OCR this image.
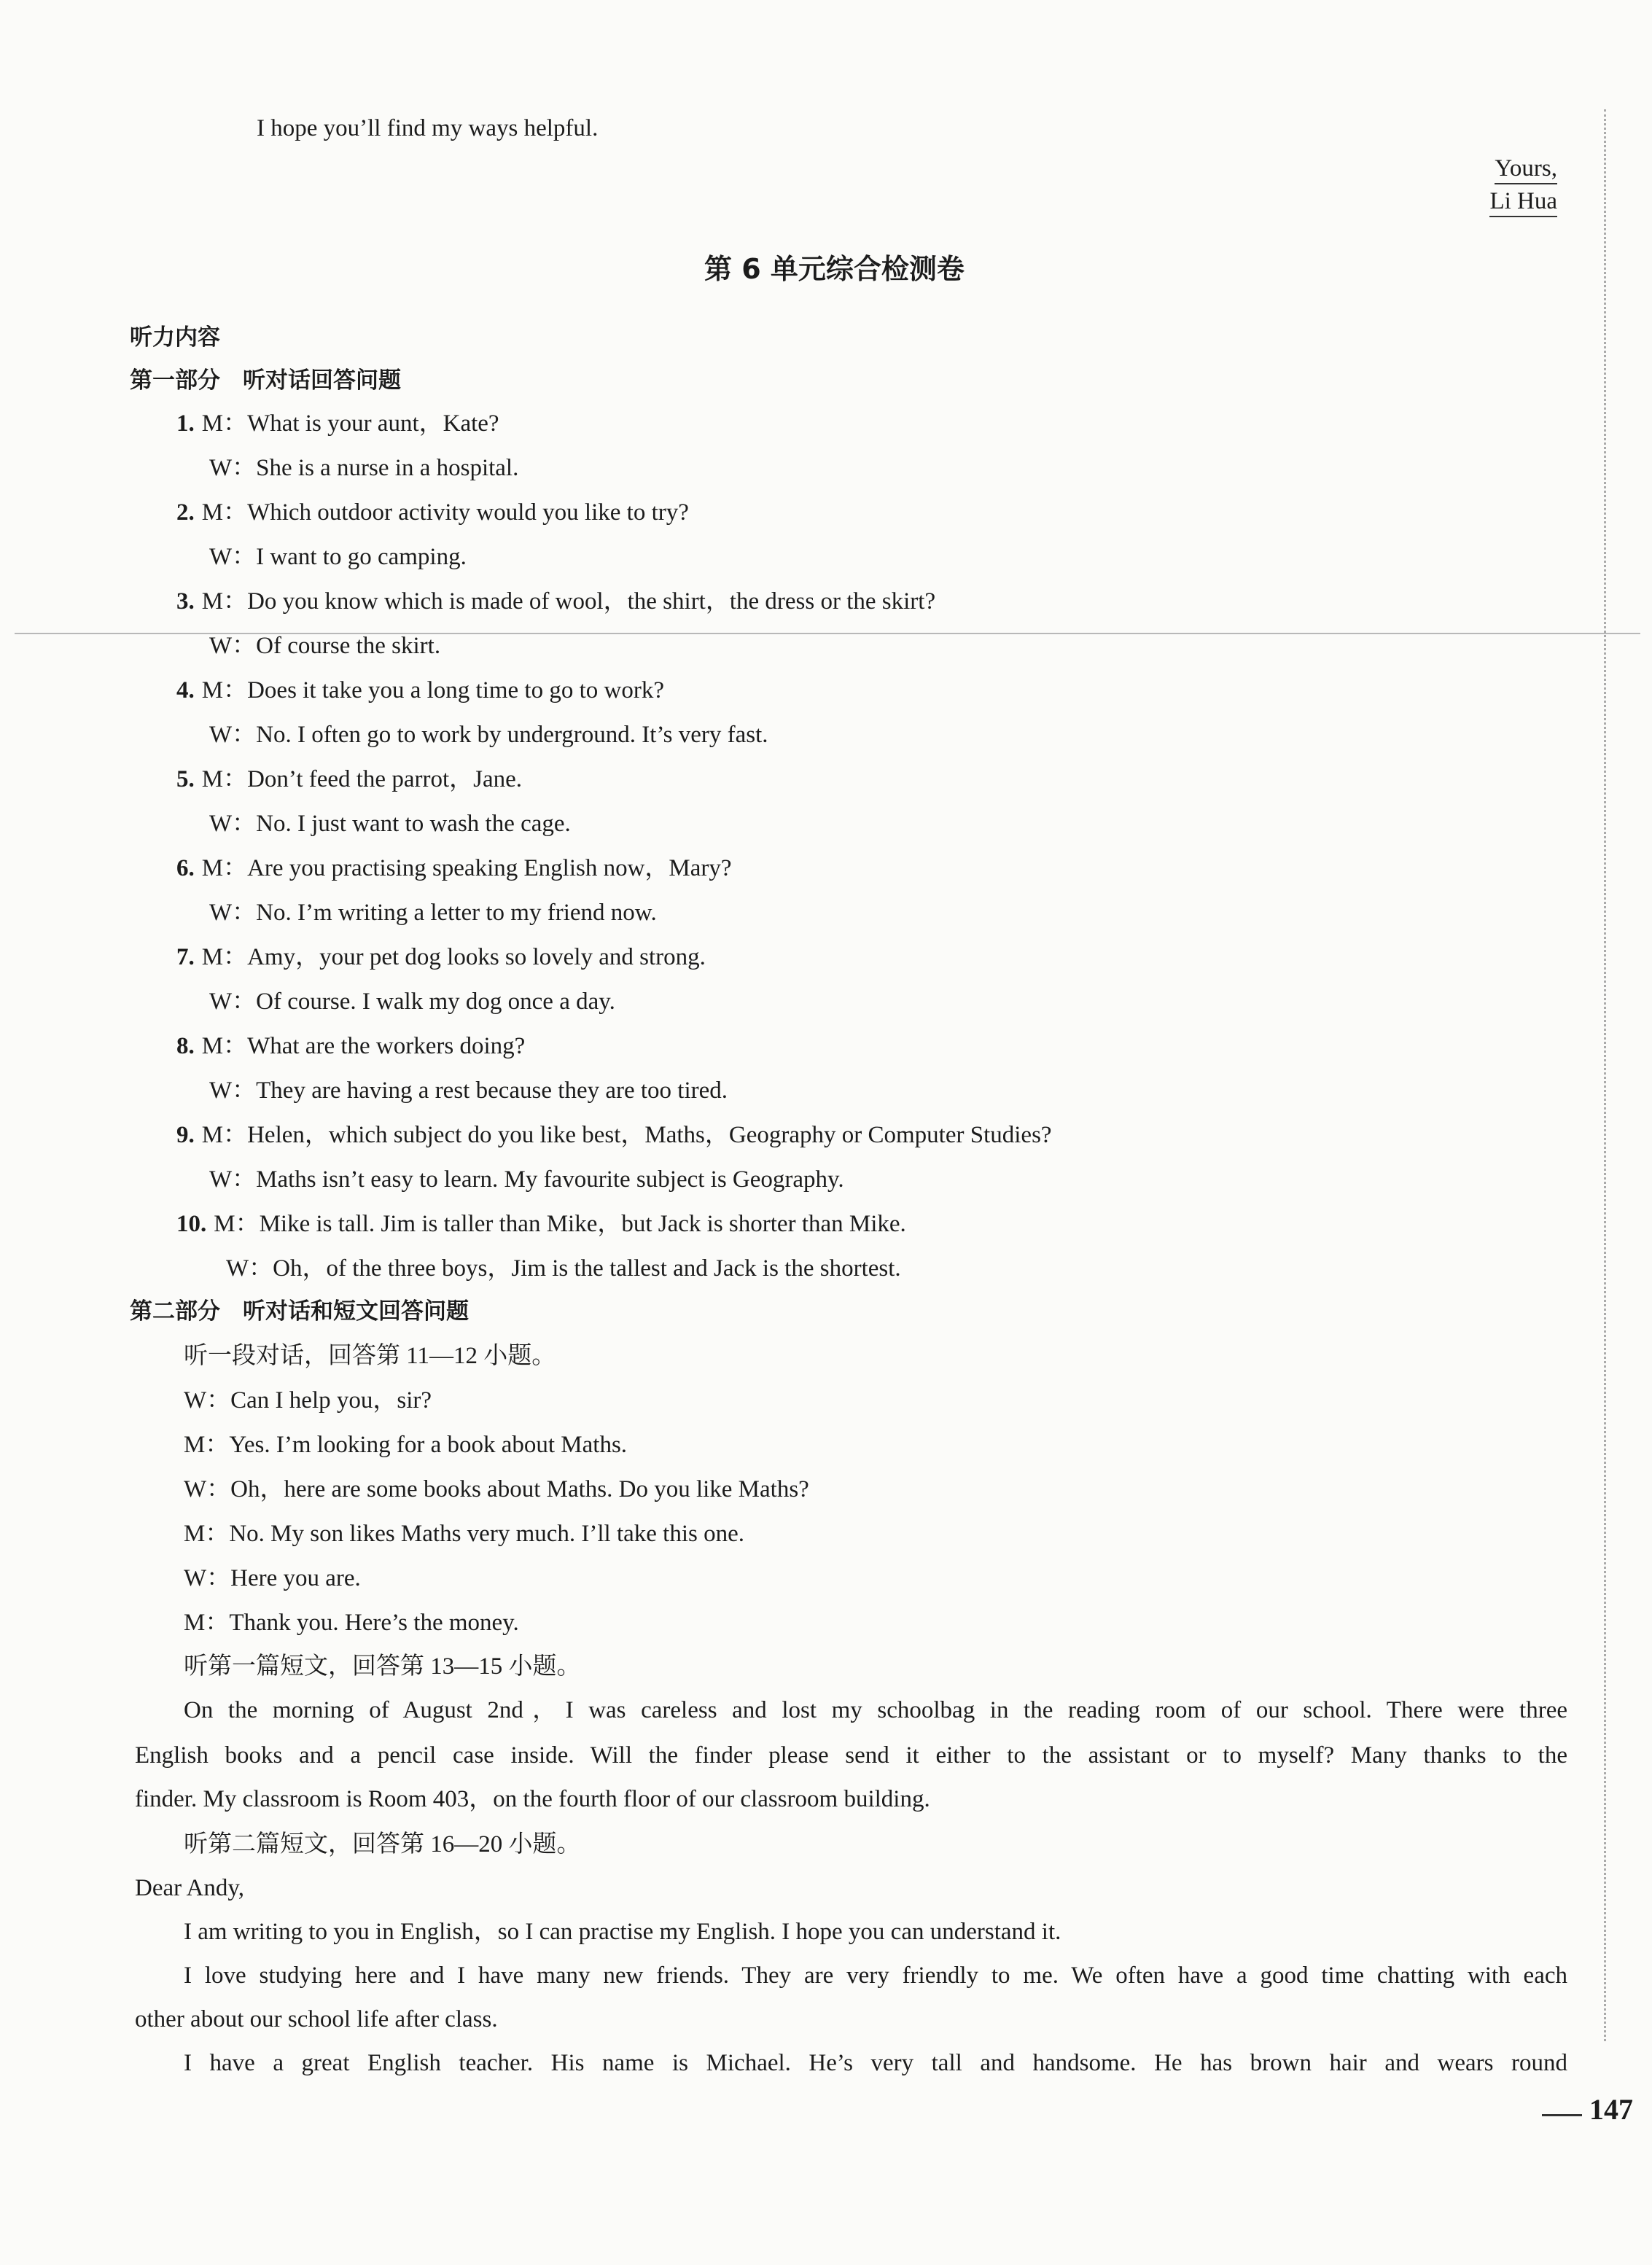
I hope you’ll find my ways helpful.
Yours,
Li Hua
第 6 单元综合检测卷
听力内容
第一部分　听对话回答问题
1. M：What is your aunt，Kate?
W：She is a nurse in a hospital.
2. M：Which outdoor activity would you like to try?
W：I want to go camping.
3. M：Do you know which is made of wool，the shirt，the dress or the skirt?
W：Of course the skirt.
4. M：Does it take you a long time to go to work?
W：No. I often go to work by underground. It’s very fast.
5. M：Don’t feed the parrot，Jane.
W：No. I just want to wash the cage.
6. M：Are you practising speaking English now，Mary?
W：No. I’m writing a letter to my friend now.
7. M：Amy，your pet dog looks so lovely and strong.
W：Of course. I walk my dog once a day.
8. M：What are the workers doing?
W：They are having a rest because they are too tired.
9. M：Helen，which subject do you like best，Maths，Geography or Computer Studies?
W：Maths isn’t easy to learn. My favourite subject is Geography.
10. M：Mike is tall. Jim is taller than Mike，but Jack is shorter than Mike.
W：Oh，of the three boys，Jim is the tallest and Jack is the shortest.
第二部分　听对话和短文回答问题
听一段对话，回答第 11—12 小题。
W：Can I help you，sir?
M：Yes. I’m looking for a book about Maths.
W：Oh，here are some books about Maths. Do you like Maths?
M：No. My son likes Maths very much. I’ll take this one.
W：Here you are.
M：Thank you. Here’s the money.
听第一篇短文，回答第 13—15 小题。
On the morning of August 2nd，I was careless and lost my schoolbag in the reading room of our school. There were three
English books and a pencil case inside. Will the finder please send it either to the assistant or to myself? Many thanks to the
finder. My classroom is Room 403，on the fourth floor of our classroom building.
听第二篇短文，回答第 16—20 小题。
Dear Andy,
I am writing to you in English，so I can practise my English. I hope you can understand it.
I love studying here and I have many new friends. They are very friendly to me. We often have a good time chatting with each
other about our school life after class.
I have a great English teacher. His name is Michael. He’s very tall and handsome. He has brown hair and wears round
147
